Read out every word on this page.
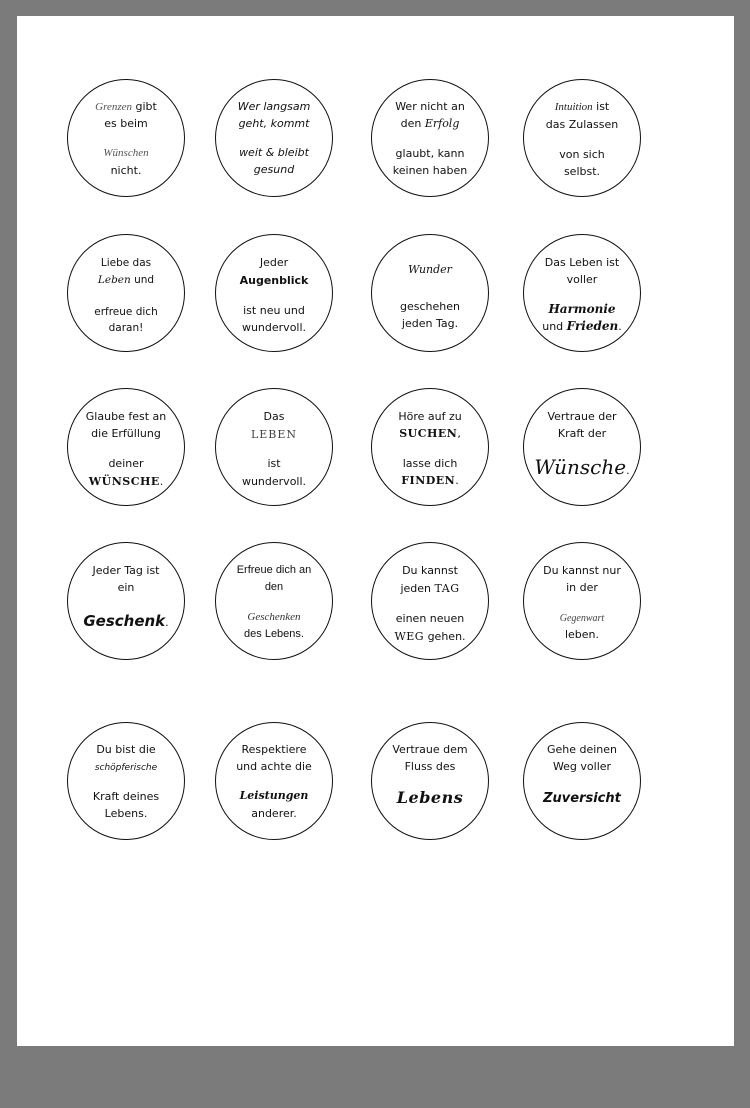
Grenzen gibt
es beim
Wünschen
nicht.
Wer langsam
geht, kommt
weit & bleibt
gesund
Wer nicht an
den Erfolg
glaubt, kann
keinen haben
Intuition ist
das Zulassen
von sich
selbst.
Liebe das
Leben und
erfreue dich
daran!
Jeder
Augenblick
ist neu und
wundervoll.
Wunder
geschehen
jeden Tag.
Das Leben ist
voller
Harmonie
und Frieden.
Glaube fest an
die Erfüllung
deiner
WÜNSCHE.
Das
LEBEN
ist
wundervoll.
Höre auf zu
SUCHEN,
lasse dich
FINDEN.
Vertraue der
Kraft der
Wünsche.
Jeder Tag ist
ein
Geschenk.
Erfreue dich an
den
Geschenken
des Lebens.
Du kannst
jeden TAG
einen neuen
WEG gehen.
Du kannst nur
in der
Gegenwart
leben.
Du bist die
schöpferische
Kraft deines
Lebens.
Respektiere
und achte die
Leistungen
anderer.
Vertraue dem
Fluss des
Lebens
Gehe deinen
Weg voller
Zuversicht
